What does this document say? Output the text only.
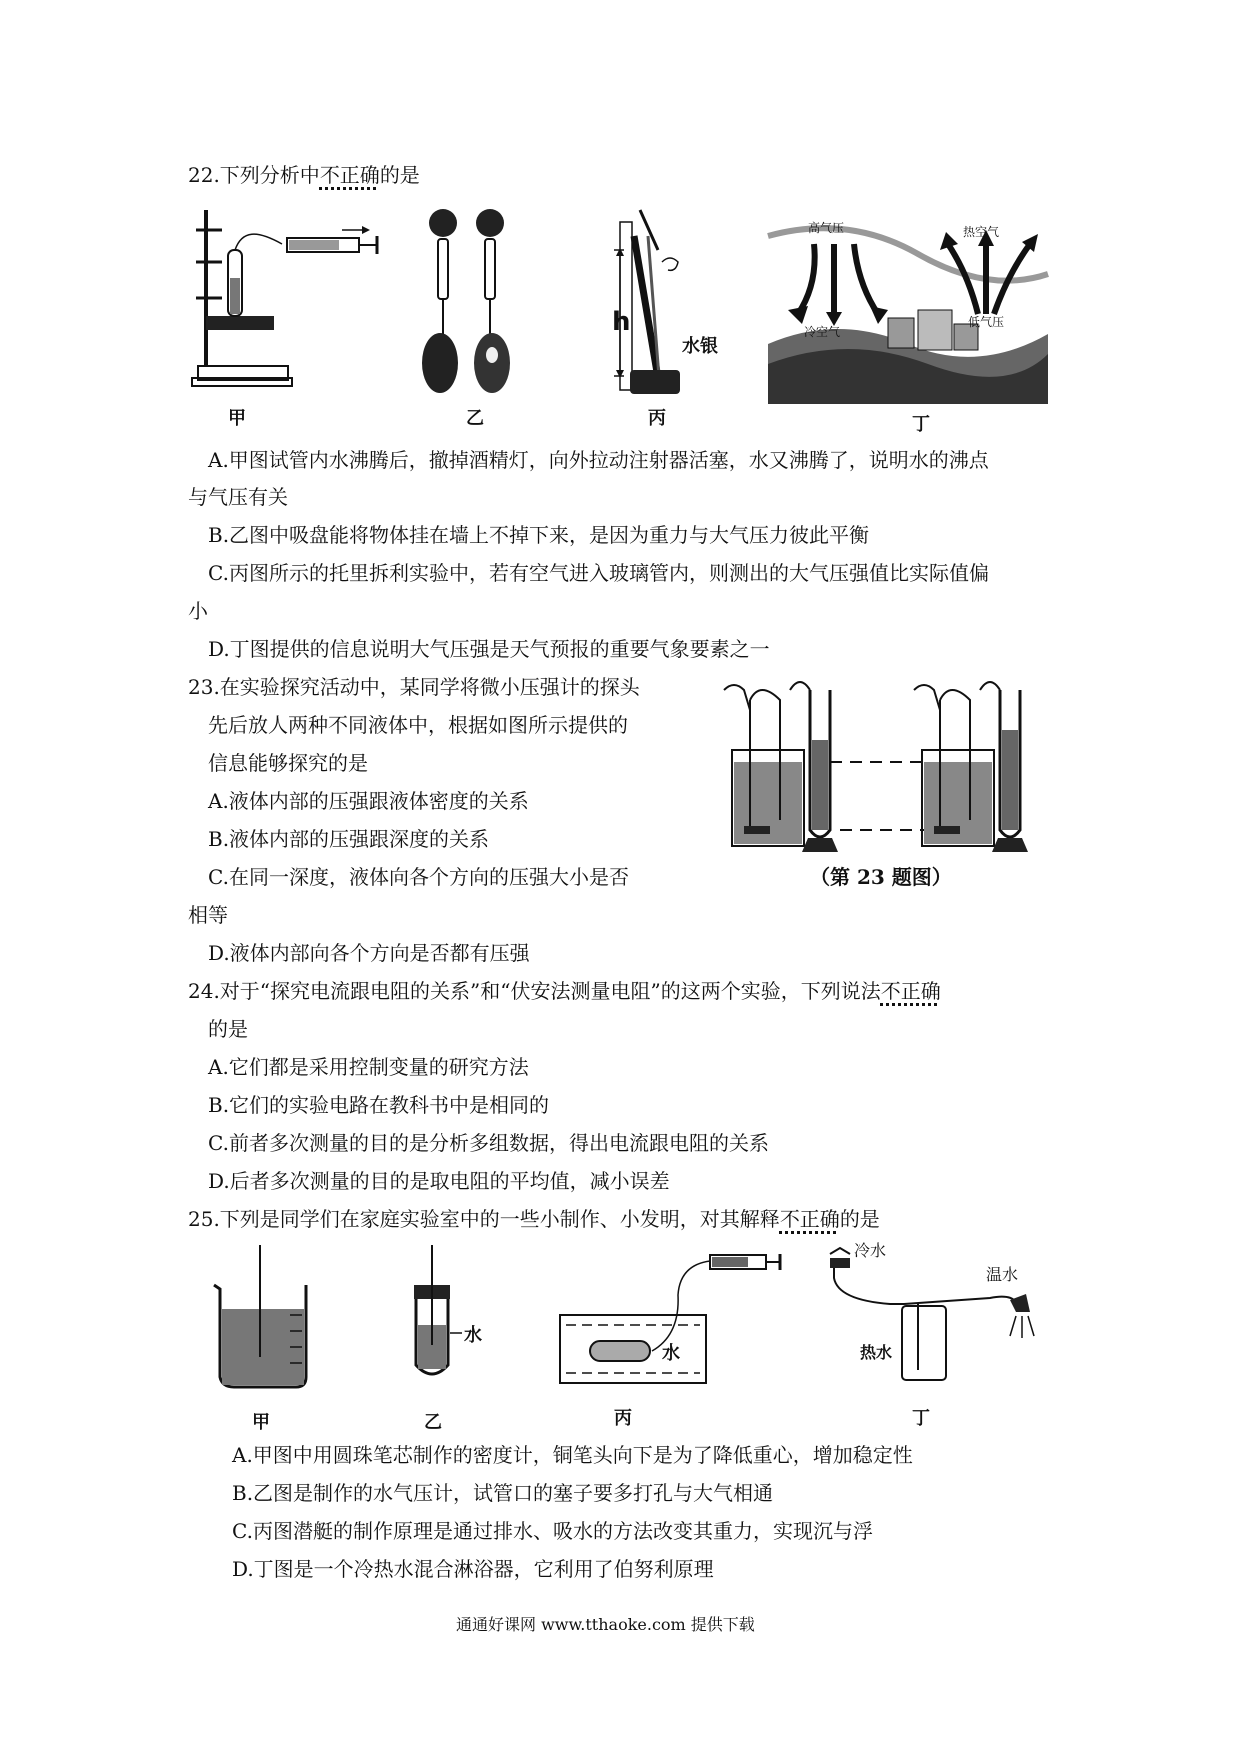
22.下列分析中不正确的是
甲	乙
h
水银
丙
高气压	热空气
冷空气
低气压
丁
A.甲图试管内水沸腾后，撤掉酒精灯，向外拉动注射器活塞，水又沸腾了，说明水的沸点
与气压有关
B.乙图中吸盘能将物体挂在墙上不掉下来，是因为重力与大气压力彼此平衡
C.丙图所示的托里拆利实验中，若有空气进入玻璃管内，则测出的大气压强值比实际值偏
小
D.丁图提供的信息说明大气压强是天气预报的重要气象要素之一
23.在实验探究活动中，某同学将微小压强计的探头
先后放人两种不同液体中，根据如图所示提供的
信息能够探究的是
A.液体内部的压强跟液体密度的关系
B.液体内部的压强跟深度的关系
C.在同一深度，液体向各个方向的压强大小是否
相等
D.液体内部向各个方向是否都有压强
（第 23 题图）
24.对于“探究电流跟电阻的关系”和“伏安法测量电阻”的这两个实验，下列说法不正确
的是
A.它们都是采用控制变量的研究方法
B.它们的实验电路在教科书中是相同的
C.前者多次测量的目的是分析多组数据，得出电流跟电阻的关系
D.后者多次测量的目的是取电阻的平均值，减小误差
25.下列是同学们在家庭实验室中的一些小制作、小发明，对其解释不正确的是
甲
水
乙
水
丙
冷水
温水
热水
丁
A.甲图中用圆珠笔芯制作的密度计，铜笔头向下是为了降低重心，增加稳定性
B.乙图是制作的水气压计，试管口的塞子要多打孔与大气相通
C.丙图潜艇的制作原理是通过排水、吸水的方法改变其重力，实现沉与浮
D.丁图是一个冷热水混合淋浴器，它利用了伯努利原理
通通好课网 www.tthaoke.com 提供下载
